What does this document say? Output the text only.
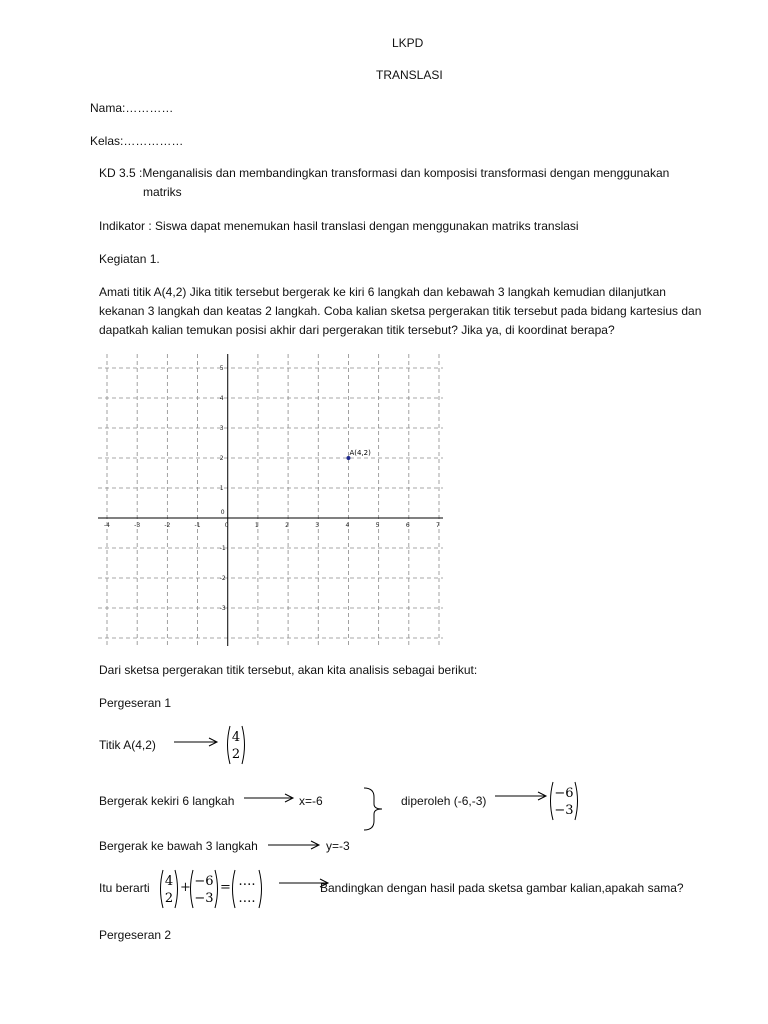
LKPD
TRANSLASI
Nama:…………
Kelas:……………
KD 3.5 :Menganalisis dan membandingkan transformasi dan komposisi transformasi dengan menggunakan
matriks
Indikator : Siswa dapat menemukan hasil translasi dengan menggunakan matriks translasi
Kegiatan 1.
Amati titik A(4,2) Jika titik tersebut bergerak ke kiri 6 langkah dan kebawah 3 langkah kemudian dilanjutkan kekanan 3 langkah dan keatas 2 langkah. Coba kalian sketsa pergerakan titik tersebut pada bidang kartesius dan dapatkah kalian temukan posisi akhir dari pergerakan titik tersebut? Jika ya, di koordinat berapa?
-4	-3	-2	-1	0	1	2	3	4	5	6	7
5
4
3
2
1
-1
-2
-3
0
A(4,2)
Dari sketsa pergerakan titik tersebut, akan kita analisis sebagai berikut:
Pergeseran 1
Titik A(4,2)	4
2
Bergerak kekiri 6 langkah	x=-6	diperoleh (-6,-3)	−6
−3
Bergerak ke bawah 3 langkah	y=-3
Itu berarti 4
2
+ −6
−3
= ….
….
Bandingkan dengan hasil pada sketsa gambar kalian,apakah sama?
Pergeseran 2
